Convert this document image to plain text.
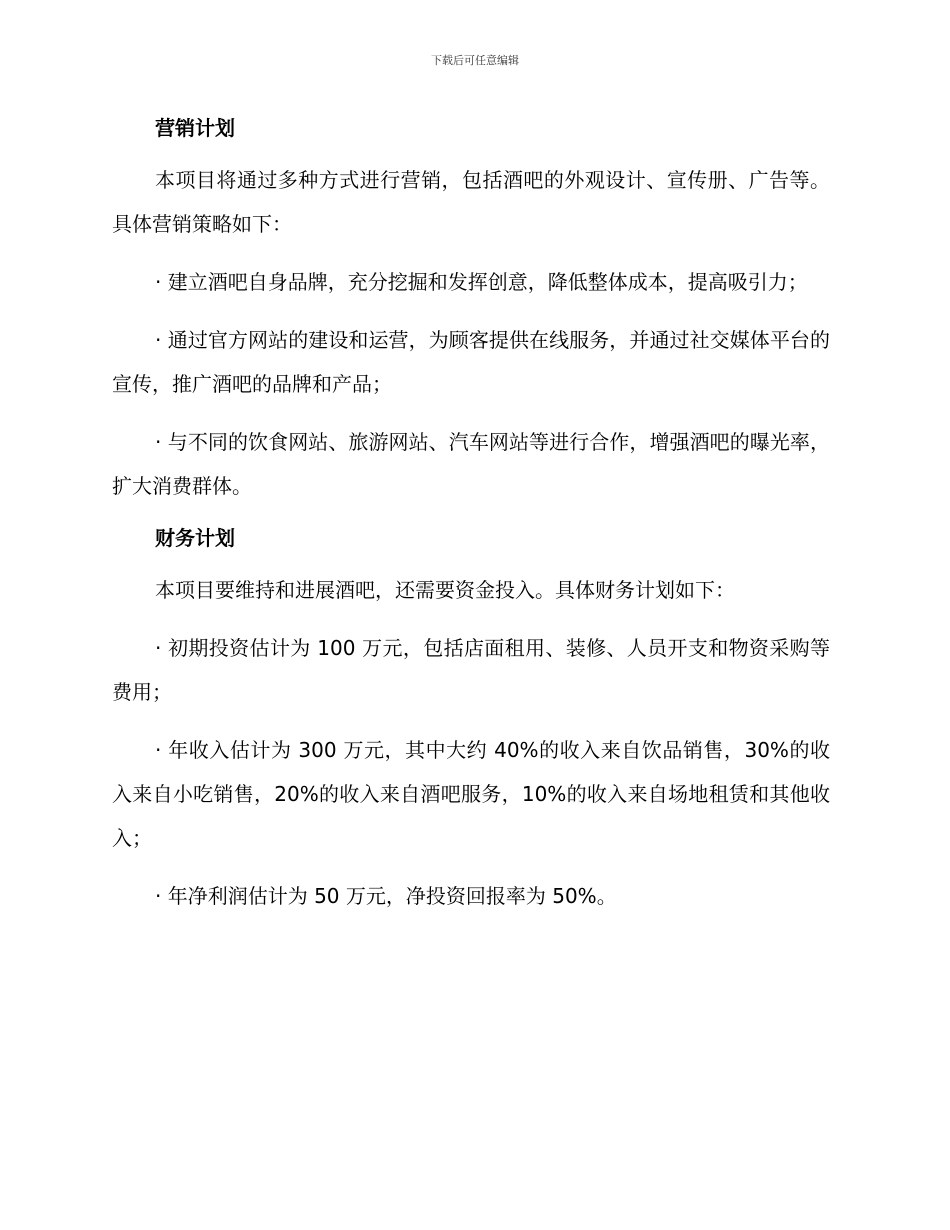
下载后可任意编辑
营销计划

本项目将通过多种方式进行营销，包括酒吧的外观设计、宣传册、广告等。具体营销策略如下：

· 建立酒吧自身品牌，充分挖掘和发挥创意，降低整体成本，提高吸引力；

· 通过官方网站的建设和运营，为顾客提供在线服务，并通过社交媒体平台的宣传，推广酒吧的品牌和产品；

· 与不同的饮食网站、旅游网站、汽车网站等进行合作，增强酒吧的曝光率，扩大消费群体。

财务计划

本项目要维持和进展酒吧，还需要资金投入。具体财务计划如下：

· 初期投资估计为 100 万元，包括店面租用、装修、人员开支和物资采购等费用；

· 年收入估计为 300 万元，其中大约 40%的收入来自饮品销售，30%的收入来自小吃销售，20%的收入来自酒吧服务，10%的收入来自场地租赁和其他收入；

· 年净利润估计为 50 万元，净投资回报率为 50%。
